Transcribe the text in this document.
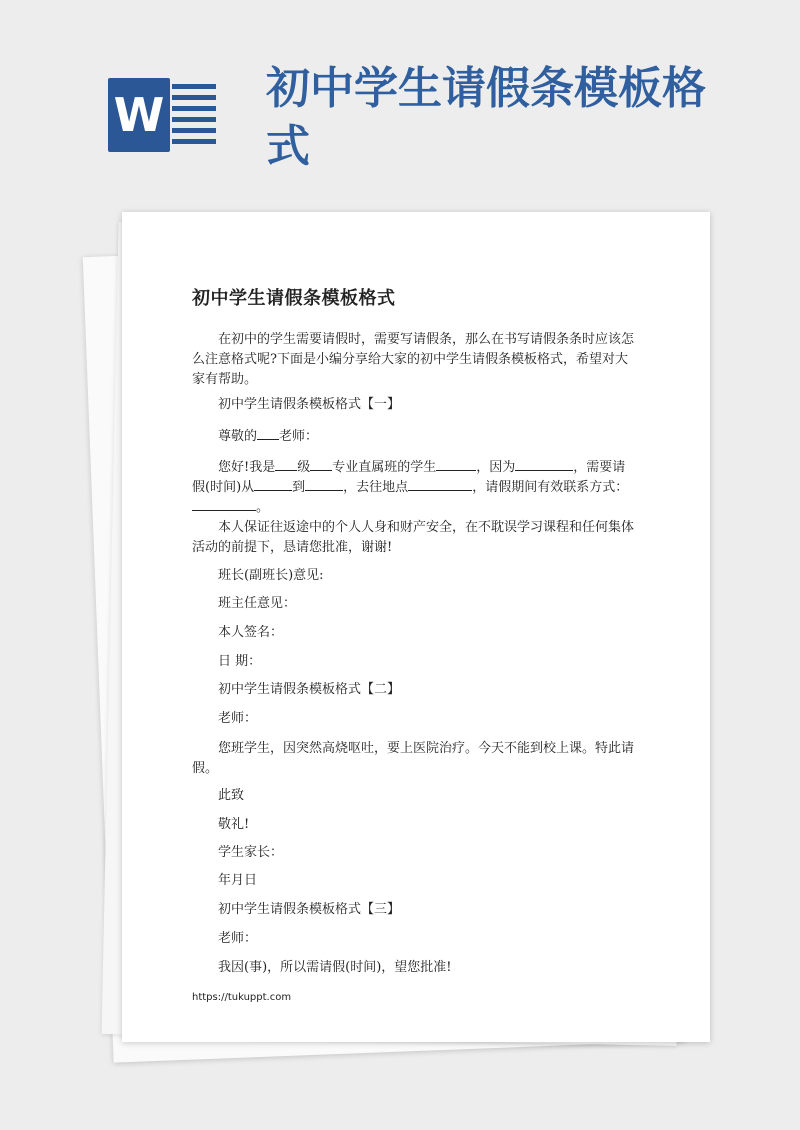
W 初中学生请假条模板格式
初中学生请假条模板格式

在初中的学生需要请假时，需要写请假条，那么在书写请假条条时应该怎么注意格式呢?下面是小编分享给大家的初中学生请假条模板格式，希望对大家有帮助。

初中学生请假条模板格式【一】

尊敬的 老师：

您好!我是 级 专业直属班的学生	，因为	，需要请

假(时间)从	到	，去往地点	，请假期间有效联系方式：

。

本人保证往返途中的个人人身和财产安全，在不耽误学习课程和任何集体活动的前提下，恳请您批准，谢谢!

班长(副班长)意见:

班主任意见：

本人签名：

日 期：

初中学生请假条模板格式【二】

老师：

您班学生，因突然高烧呕吐，要上医院治疗。今天不能到校上课。特此请假。

此致

敬礼!

学生家长：

年月日

初中学生请假条模板格式【三】

老师：

我因(事)，所以需请假(时间)，望您批准!

https://tukuppt.com
